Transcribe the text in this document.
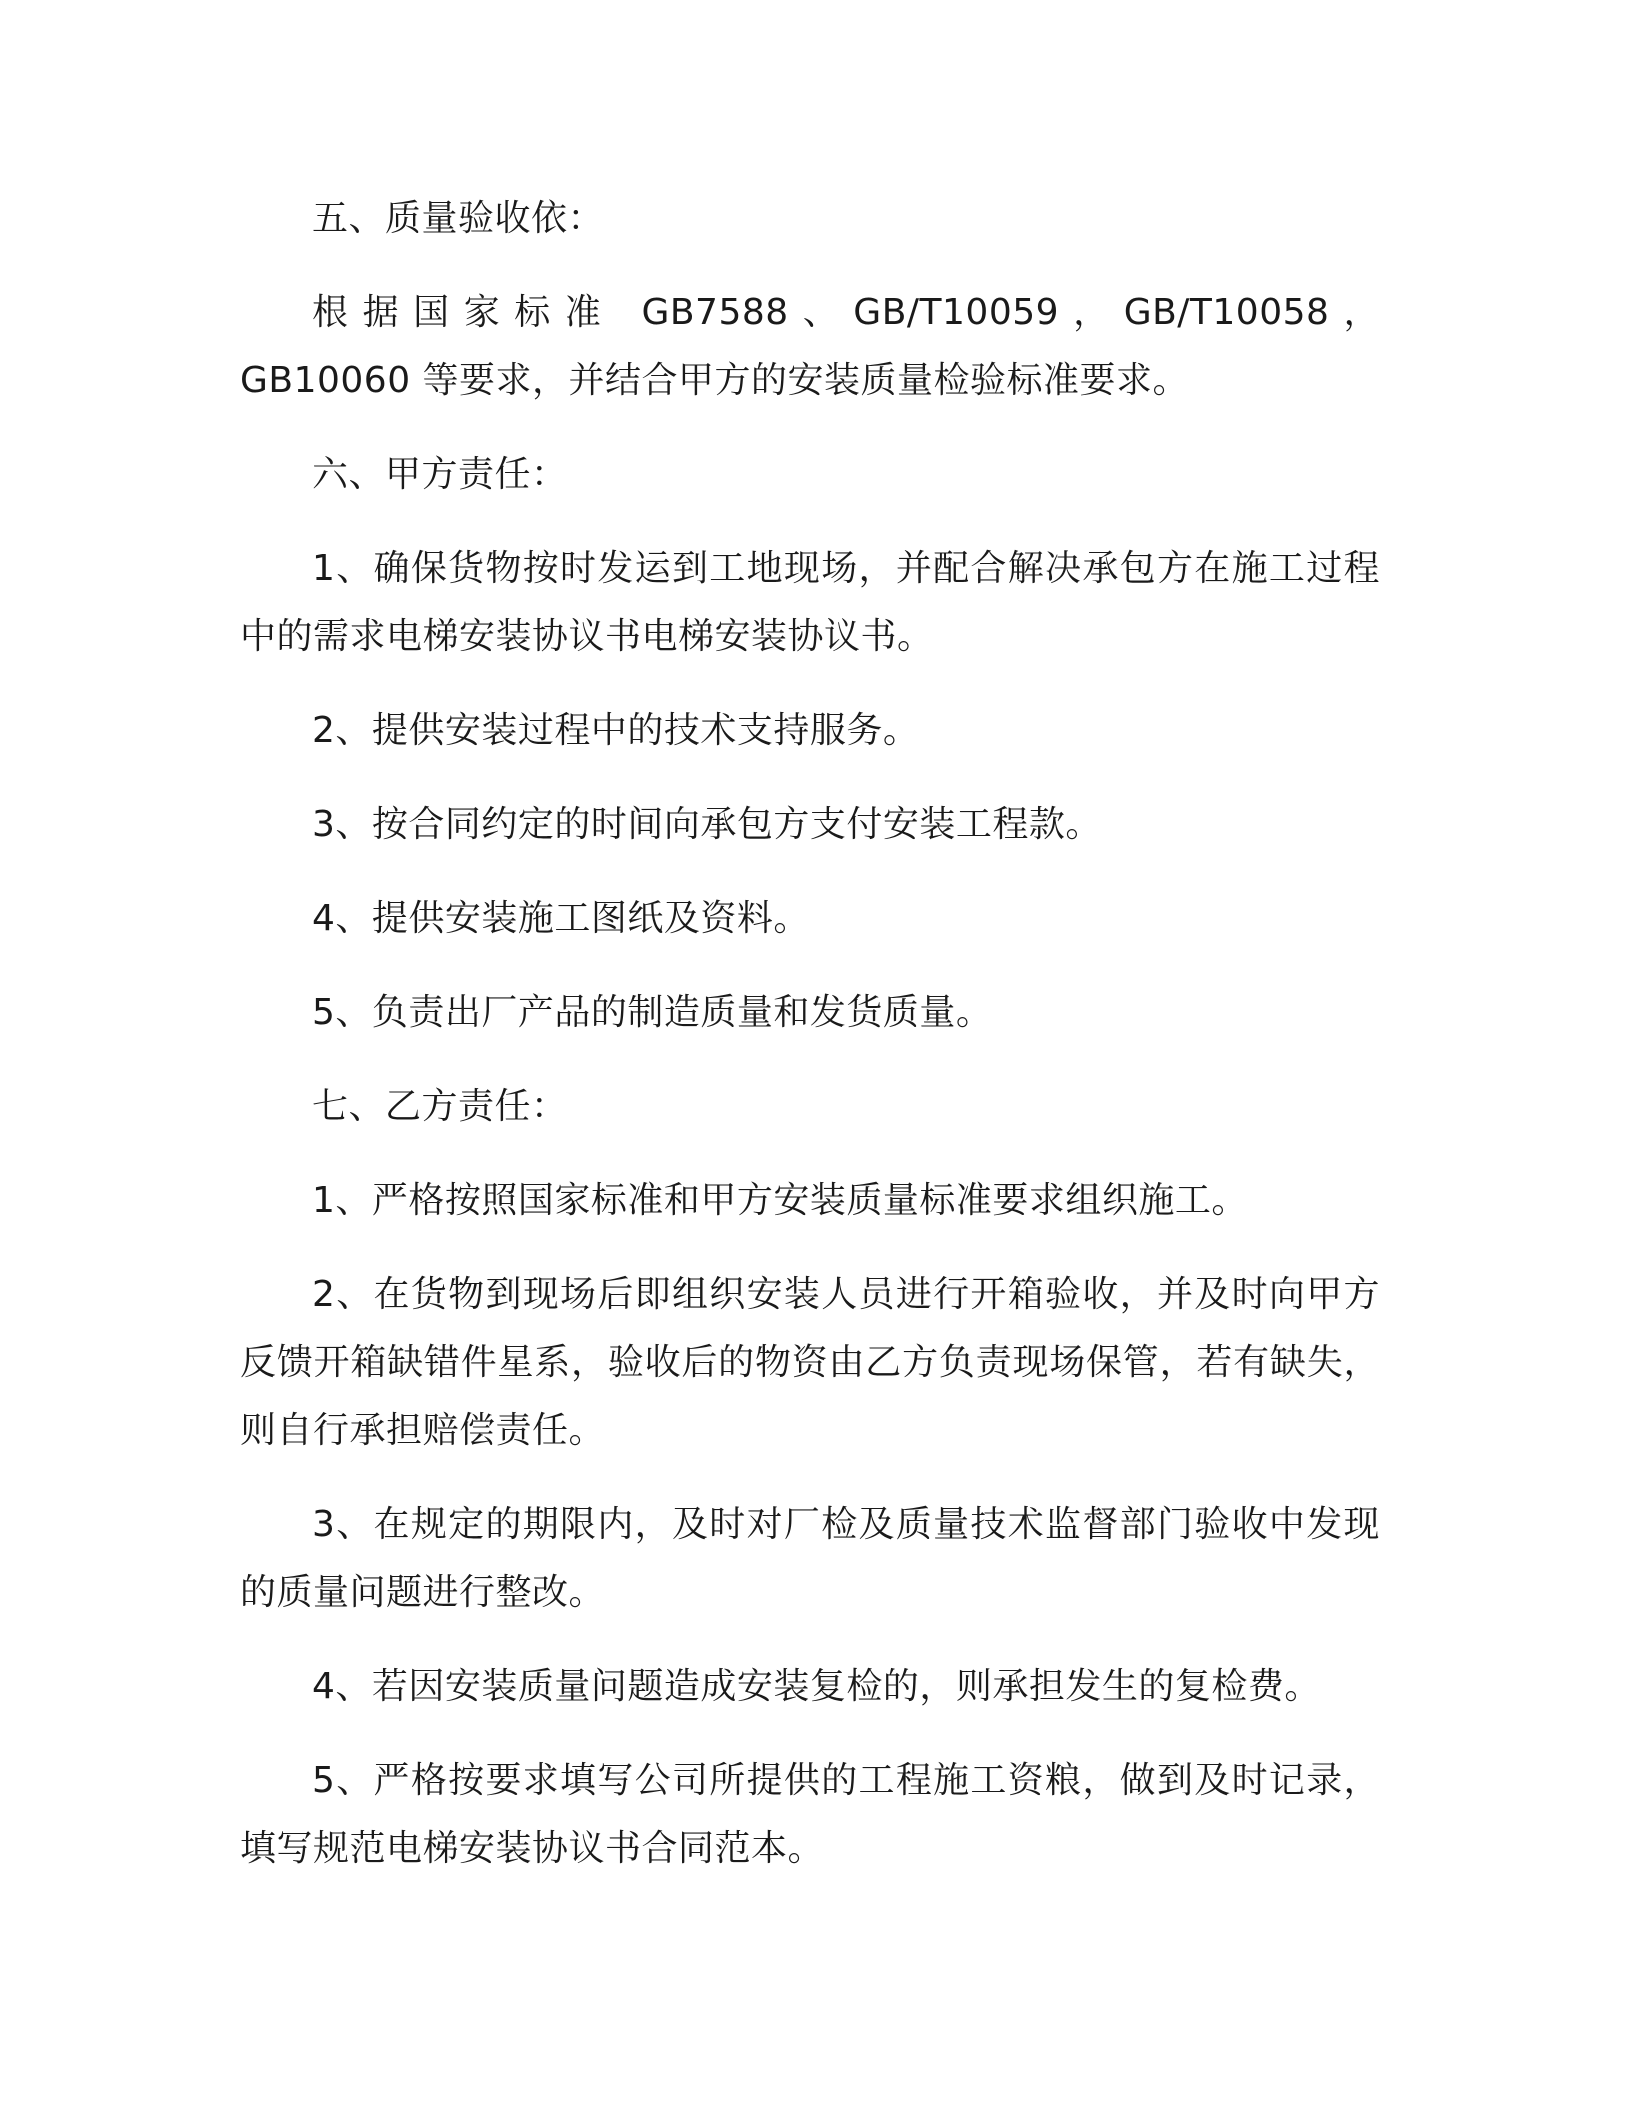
五、质量验收依：

根据国家标准 GB7588、GB/T10059，GB/T10058，GB10060 等要求，并结合甲方的安装质量检验标准要求。

六、甲方责任：

1、确保货物按时发运到工地现场，并配合解决承包方在施工过程中的需求电梯安装协议书电梯安装协议书。

2、提供安装过程中的技术支持服务。

3、按合同约定的时间向承包方支付安装工程款。

4、提供安装施工图纸及资料。

5、负责出厂产品的制造质量和发货质量。

七、乙方责任：

1、严格按照国家标准和甲方安装质量标准要求组织施工。

2、在货物到现场后即组织安装人员进行开箱验收，并及时向甲方反馈开箱缺错件星系，验收后的物资由乙方负责现场保管，若有缺失，则自行承担赔偿责任。

3、在规定的期限内，及时对厂检及质量技术监督部门验收中发现的质量问题进行整改。

4、若因安装质量问题造成安装复检的，则承担发生的复检费。

5、严格按要求填写公司所提供的工程施工资粮，做到及时记录，填写规范电梯安装协议书合同范本。
